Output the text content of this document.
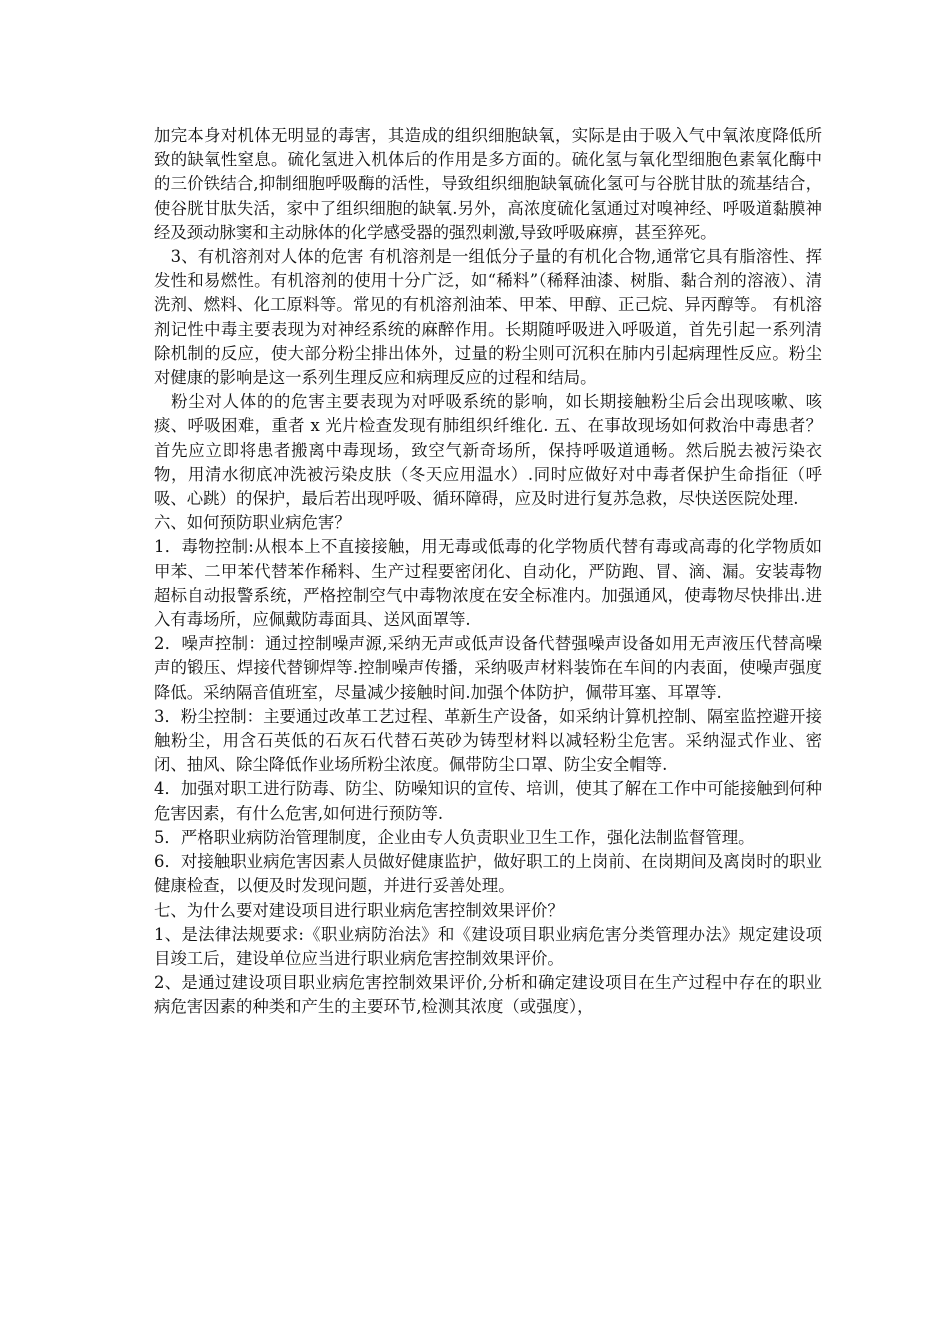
加完本身对机体无明显的毒害，其造成的组织细胞缺氧，实际是由于吸入气中氧浓度降低所致的缺氧性窒息。硫化氢进入机体后的作用是多方面的。硫化氢与氧化型细胞色素氧化酶中的三价铁结合,抑制细胞呼吸酶的活性，导致组织细胞缺氧硫化氢可与谷胱甘肽的巯基结合，使谷胱甘肽失活，家中了组织细胞的缺氧.另外，高浓度硫化氢通过对嗅神经、呼吸道黏膜神经及颈动脉窦和主动脉体的化学感受器的强烈刺激,导致呼吸麻痹，甚至猝死。

　3、有机溶剂对人体的危害 有机溶剂是一组低分子量的有机化合物,通常它具有脂溶性、挥发性和易燃性。有机溶剂的使用十分广泛，如“稀料”（稀释油漆、树脂、黏合剂的溶液）、清洗剂、燃料、化工原料等。常见的有机溶剂油苯、甲苯、甲醇、正己烷、异丙醇等。 有机溶剂记性中毒主要表现为对神经系统的麻醉作用。长期随呼吸进入呼吸道，首先引起一系列清除机制的反应，使大部分粉尘排出体外，过量的粉尘则可沉积在肺内引起病理性反应。粉尘对健康的影响是这一系列生理反应和病理反应的过程和结局。

　粉尘对人体的的危害主要表现为对呼吸系统的影响，如长期接触粉尘后会出现咳嗽、咳痰、呼吸困难，重者 x 光片检查发现有肺组织纤维化. 五、在事故现场如何救治中毒患者？首先应立即将患者搬离中毒现场，致空气新奇场所，保持呼吸道通畅。然后脱去被污染衣物，用清水彻底冲洗被污染皮肤（冬天应用温水）.同时应做好对中毒者保护生命指征（呼吸、心跳）的保护，最后若出现呼吸、循环障碍，应及时进行复苏急救，尽快送医院处理.

六、如何预防职业病危害？

1．毒物控制:从根本上不直接接触，用无毒或低毒的化学物质代替有毒或高毒的化学物质如甲苯、二甲苯代替苯作稀料、生产过程要密闭化、自动化，严防跑、冒、滴、漏。安装毒物超标自动报警系统，严格控制空气中毒物浓度在安全标准内。加强通风，使毒物尽快排出.进入有毒场所，应佩戴防毒面具、送风面罩等.

2．噪声控制：通过控制噪声源,采纳无声或低声设备代替强噪声设备如用无声液压代替高噪声的锻压、焊接代替铆焊等.控制噪声传播，采纳吸声材料装饰在车间的内表面，使噪声强度降低。采纳隔音值班室，尽量减少接触时间.加强个体防护，佩带耳塞、耳罩等.

3．粉尘控制：主要通过改革工艺过程、革新生产设备，如采纳计算机控制、隔室监控避开接触粉尘，用含石英低的石灰石代替石英砂为铸型材料以减轻粉尘危害。采纳湿式作业、密闭、抽风、除尘降低作业场所粉尘浓度。佩带防尘口罩、防尘安全帽等.

4．加强对职工进行防毒、防尘、防噪知识的宣传、培训，使其了解在工作中可能接触到何种危害因素，有什么危害,如何进行预防等.

5．严格职业病防治管理制度，企业由专人负责职业卫生工作，强化法制监督管理。

6．对接触职业病危害因素人员做好健康监护，做好职工的上岗前、在岗期间及离岗时的职业健康检查，以便及时发现问题，并进行妥善处理。

七、为什么要对建设项目进行职业病危害控制效果评价？

1、是法律法规要求:《职业病防治法》和《建设项目职业病危害分类管理办法》规定建设项目竣工后，建设单位应当进行职业病危害控制效果评价。

2、是通过建设项目职业病危害控制效果评价,分析和确定建设项目在生产过程中存在的职业病危害因素的种类和产生的主要环节,检测其浓度（或强度），
